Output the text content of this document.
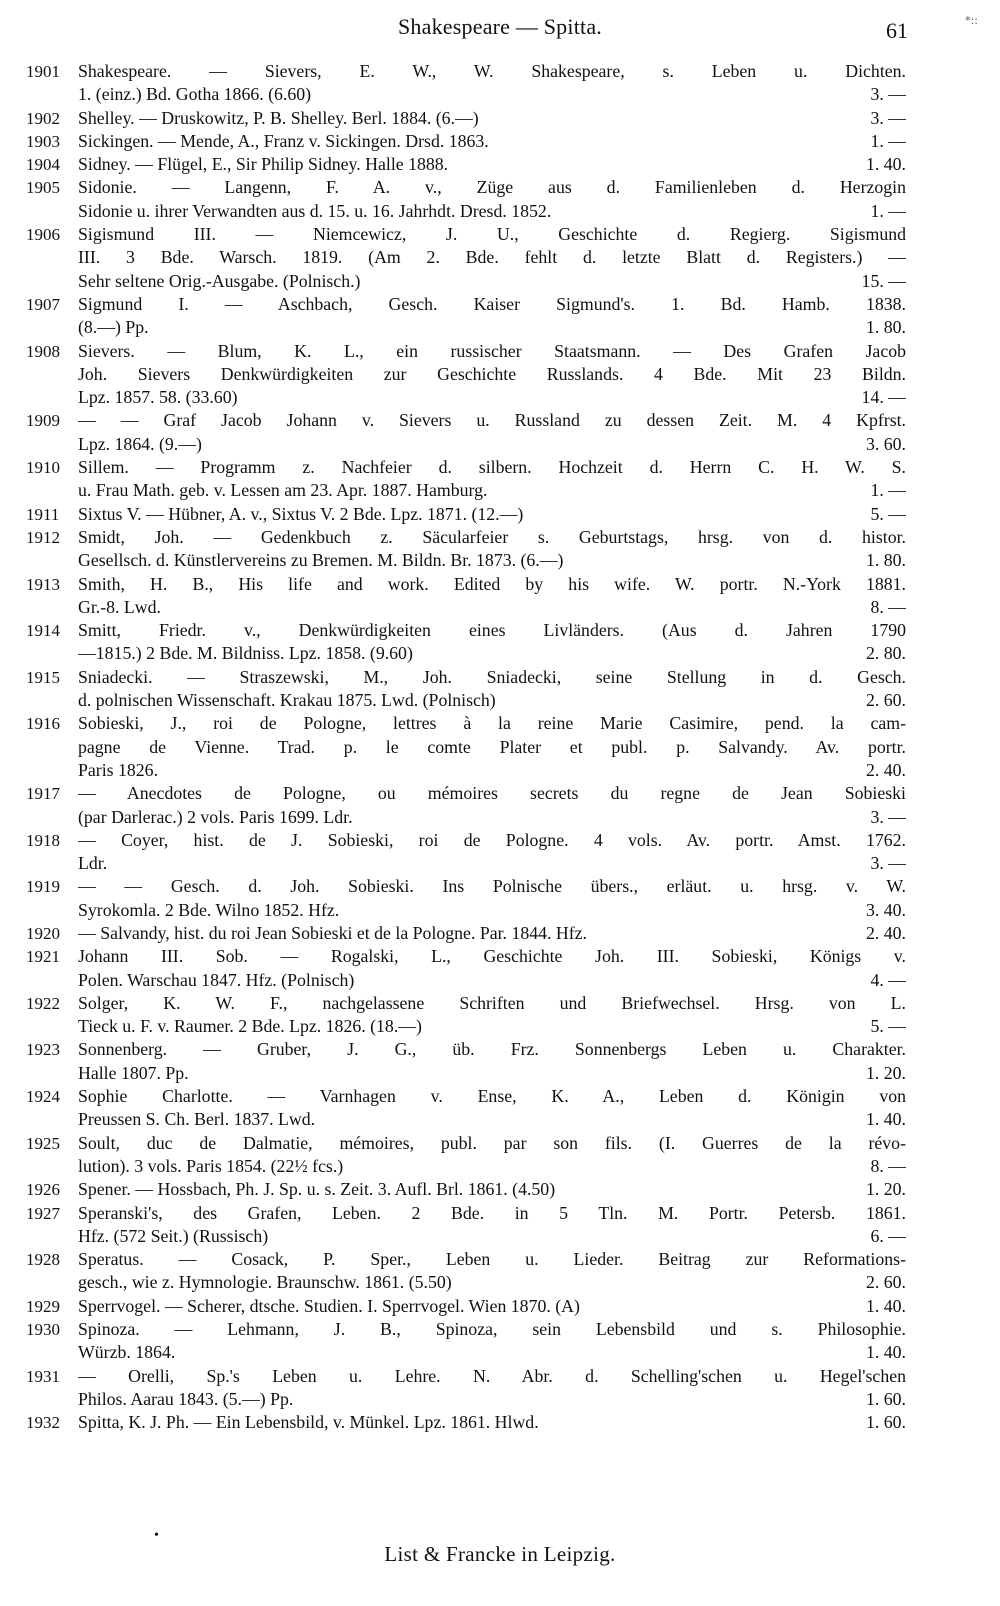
Shakespeare — Spitta.	61	*::
1901	Shakespeare. — Sievers, E. W., W. Shakespeare, s. Leben u. Dichten.
1. (einz.) Bd. Gotha 1866. (6.60)	3. —
1902	Shelley. — Druskowitz, P. B. Shelley. Berl. 1884. (6.—)	3. —
1903	Sickingen. — Mende, A., Franz v. Sickingen. Drsd. 1863.	1. —
1904	Sidney. — Flügel, E., Sir Philip Sidney. Halle 1888.	1. 40.
1905	Sidonie. — Langenn, F. A. v., Züge aus d. Familienleben d. Herzogin
Sidonie u. ihrer Verwandten aus d. 15. u. 16. Jahrhdt. Dresd. 1852.	1. —
1906	Sigismund III. — Niemcewicz, J. U., Geschichte d. Regierg. Sigismund
III. 3 Bde. Warsch. 1819. (Am 2. Bde. fehlt d. letzte Blatt d. Registers.) —
Sehr seltene Orig.-Ausgabe. (Polnisch.)	15. —
1907	Sigmund I. — Aschbach, Gesch. Kaiser Sigmund's. 1. Bd. Hamb. 1838.
(8.—) Pp.	1. 80.
1908	Sievers. — Blum, K. L., ein russischer Staatsmann. — Des Grafen Jacob
Joh. Sievers Denkwürdigkeiten zur Geschichte Russlands. 4 Bde. Mit 23 Bildn.
Lpz. 1857. 58. (33.60)	14. —
1909	— — Graf Jacob Johann v. Sievers u. Russland zu dessen Zeit. M. 4 Kpfrst.
Lpz. 1864. (9.—)	3. 60.
1910	Sillem. — Programm z. Nachfeier d. silbern. Hochzeit d. Herrn C. H. W. S.
u. Frau Math. geb. v. Lessen am 23. Apr. 1887. Hamburg.	1. —
1911	Sixtus V. — Hübner, A. v., Sixtus V. 2 Bde. Lpz. 1871. (12.—)	5. —
1912	Smidt, Joh. — Gedenkbuch z. Säcularfeier s. Geburtstags, hrsg. von d. histor.
Gesellsch. d. Künstlervereins zu Bremen. M. Bildn. Br. 1873. (6.—)	1. 80.
1913	Smith, H. B., His life and work. Edited by his wife. W. portr. N.-York 1881.
Gr.-8. Lwd.	8. —
1914	Smitt, Friedr. v., Denkwürdigkeiten eines Livländers. (Aus d. Jahren 1790
—1815.) 2 Bde. M. Bildniss. Lpz. 1858. (9.60)	2. 80.
1915	Sniadecki. — Straszewski, M., Joh. Sniadecki, seine Stellung in d. Gesch.
d. polnischen Wissenschaft. Krakau 1875. Lwd. (Polnisch)	2. 60.
1916	Sobieski, J., roi de Pologne, lettres à la reine Marie Casimire, pend. la cam-
pagne de Vienne. Trad. p. le comte Plater et publ. p. Salvandy. Av. portr.
Paris 1826.	2. 40.
1917	— Anecdotes de Pologne, ou mémoires secrets du regne de Jean Sobieski
(par Darlerac.) 2 vols. Paris 1699. Ldr.	3. —
1918	— Coyer, hist. de J. Sobieski, roi de Pologne. 4 vols. Av. portr. Amst. 1762.
Ldr.	3. —
1919	— — Gesch. d. Joh. Sobieski. Ins Polnische übers., erläut. u. hrsg. v. W.
Syrokomla. 2 Bde. Wilno 1852. Hfz.	3. 40.
1920	— Salvandy, hist. du roi Jean Sobieski et de la Pologne. Par. 1844. Hfz.	2. 40.
1921	Johann III. Sob. — Rogalski, L., Geschichte Joh. III. Sobieski, Königs v.
Polen. Warschau 1847. Hfz. (Polnisch)	4. —
1922	Solger, K. W. F., nachgelassene Schriften und Briefwechsel. Hrsg. von L.
Tieck u. F. v. Raumer. 2 Bde. Lpz. 1826. (18.—)	5. —
1923	Sonnenberg. — Gruber, J. G., üb. Frz. Sonnenbergs Leben u. Charakter.
Halle 1807. Pp.	1. 20.
1924	Sophie Charlotte. — Varnhagen v. Ense, K. A., Leben d. Königin von
Preussen S. Ch. Berl. 1837. Lwd.	1. 40.
1925	Soult, duc de Dalmatie, mémoires, publ. par son fils. (I. Guerres de la révo-
lution). 3 vols. Paris 1854. (22½ fcs.)	8. —
1926	Spener. — Hossbach, Ph. J. Sp. u. s. Zeit. 3. Aufl. Brl. 1861. (4.50)	1. 20.
1927	Speranski's, des Grafen, Leben. 2 Bde. in 5 Tln. M. Portr. Petersb. 1861.
Hfz. (572 Seit.) (Russisch)	6. —
1928	Speratus. — Cosack, P. Sper., Leben u. Lieder. Beitrag zur Reformations-
gesch., wie z. Hymnologie. Braunschw. 1861. (5.50)	2. 60.
1929	Sperrvogel. — Scherer, dtsche. Studien. I. Sperrvogel. Wien 1870. (A)	1. 40.
1930	Spinoza. — Lehmann, J. B., Spinoza, sein Lebensbild und s. Philosophie.
Würzb. 1864.	1. 40.
1931	— Orelli, Sp.'s Leben u. Lehre. N. Abr. d. Schelling'schen u. Hegel'schen
Philos. Aarau 1843. (5.—) Pp.	1. 60.
1932	Spitta, K. J. Ph. — Ein Lebensbild, v. Münkel. Lpz. 1861. Hlwd.	1. 60.
•
List & Francke in Leipzig.
